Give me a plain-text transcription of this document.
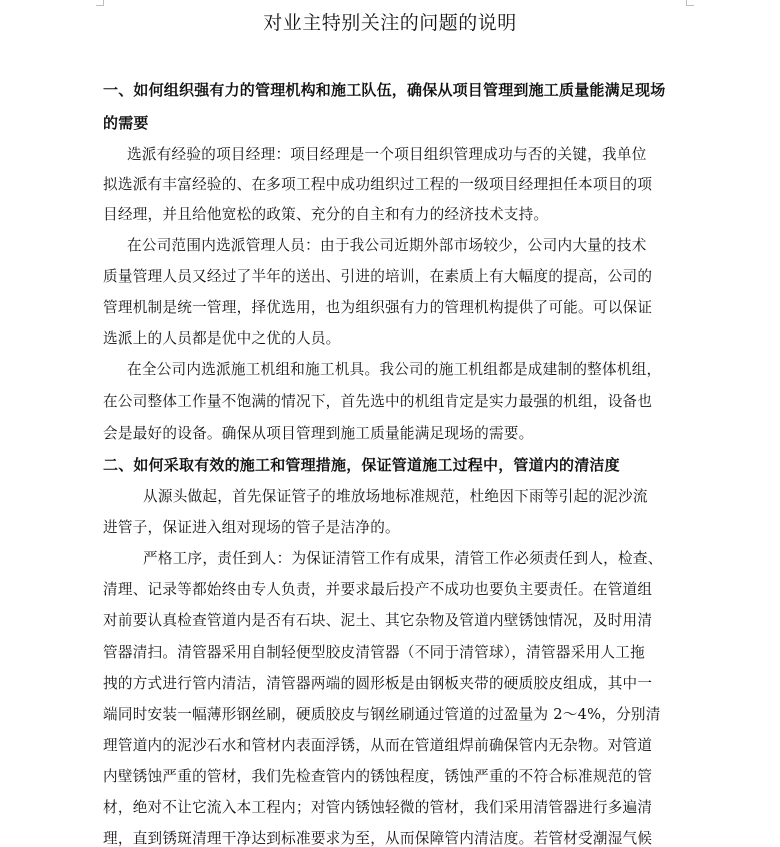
对业主特别关注的问题的说明
一、如何组织强有力的管理机构和施工队伍，确保从项目管理到施工质量能满足现场
的需要
选派有经验的项目经理：项目经理是一个项目组织管理成功与否的关键，我单位
拟选派有丰富经验的、在多项工程中成功组织过工程的一级项目经理担任本项目的项
目经理，并且给他宽松的政策、充分的自主和有力的经济技术支持。
在公司范围内选派管理人员：由于我公司近期外部市场较少，公司内大量的技术
质量管理人员又经过了半年的送出、引进的培训，在素质上有大幅度的提高，公司的
管理机制是统一管理，择优选用，也为组织强有力的管理机构提供了可能。可以保证
选派上的人员都是优中之优的人员。
在全公司内选派施工机组和施工机具。我公司的施工机组都是成建制的整体机组，
在公司整体工作量不饱满的情况下，首先选中的机组肯定是实力最强的机组，设备也
会是最好的设备。确保从项目管理到施工质量能满足现场的需要。
二、如何采取有效的施工和管理措施，保证管道施工过程中，管道内的清洁度
从源头做起，首先保证管子的堆放场地标准规范，杜绝因下雨等引起的泥沙流
进管子，保证进入组对现场的管子是洁净的。
严格工序，责任到人：为保证清管工作有成果，清管工作必须责任到人，检查、
清理、记录等都始终由专人负责，并要求最后投产不成功也要负主要责任。在管道组
对前要认真检查管道内是否有石块、泥土、其它杂物及管道内壁锈蚀情况，及时用清
管器清扫。清管器采用自制轻便型胶皮清管器（不同于清管球），清管器采用人工拖
拽的方式进行管内清洁，清管器两端的圆形板是由钢板夹带的硬质胶皮组成，其中一
端同时安装一幅薄形钢丝刷，硬质胶皮与钢丝刷通过管道的过盈量为 2～4%，分别清
理管道内的泥沙石水和管材内表面浮锈，从而在管道组焊前确保管内无杂物。对管道
内壁锈蚀严重的管材，我们先检查管内的锈蚀程度，锈蚀严重的不符合标准规范的管
材，绝对不让它流入本工程内；对管内锈蚀轻微的管材，我们采用清管器进行多遍清
理，直到锈斑清理干净达到标准要求为至，从而保障管内清洁度。若管材受潮湿气候
